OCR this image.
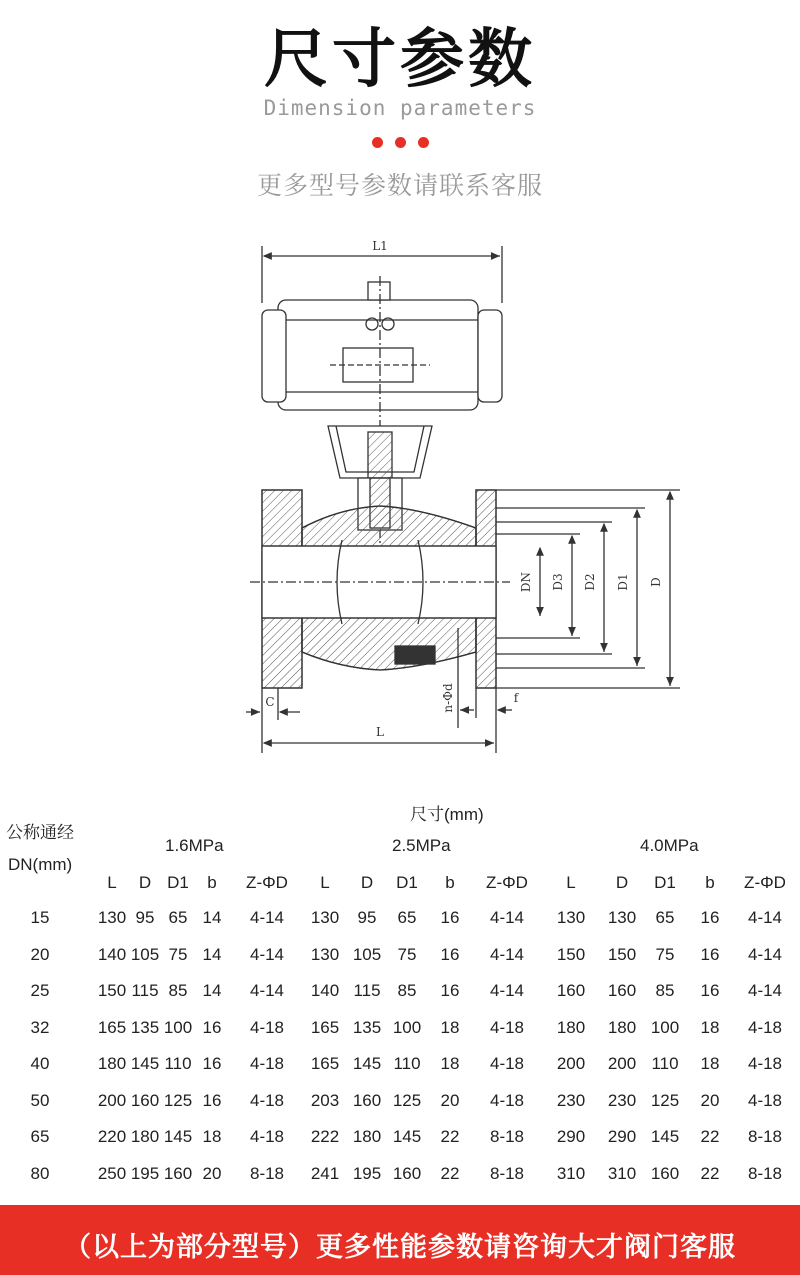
尺寸参数
Dimension parameters

更多型号参数请联系客服
L1
DN D3 D2 D1 D
L
C	n-Φd	f
尺寸(mm)
公称通经
DN(mm)
1.6MPa	2.5MPa	4.0MPa
L D D1 b Z-ΦD L D D1 b Z-ΦD L D D1 b Z-ΦD
15	130 95 65 14 4-14 130 95 65 16 4-14 130 130 65 16 4-14
20	140 105 75 14 4-14 130 105 75 16 4-14 150 150 75 16 4-14
25	150 115 85 14 4-14 140 115 85 16 4-14 160 160 85 16 4-14
32	165 135 100 16 4-18 165 135 100 18 4-18 180 180 100 18 4-18
40	180 145 110 16 4-18 165 145 110 18 4-18 200 200 110 18 4-18
50	200 160 125 16 4-18 203 160 125 20 4-18 230 230 125 20 4-18
65	220 180 145 18 4-18 222 180 145 22 8-18 290 290 145 22 8-18
80	250 195 160 20 8-18 241 195 160 22 8-18 310 310 160 22 8-18
（以上为部分型号）更多性能参数请咨询大才阀门客服
